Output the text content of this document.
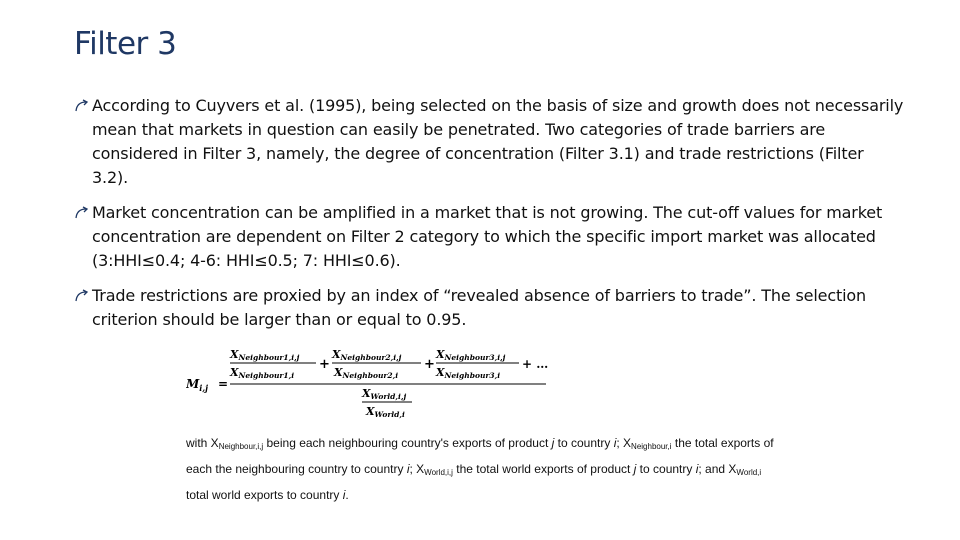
Filter 3
According to Cuyvers et al. (1995), being selected on the basis of size and growth does not necessarily mean that markets in question can easily be penetrated. Two categories of trade barriers are considered in Filter 3, namely, the degree of concentration (Filter 3.1) and trade restrictions (Filter 3.2).
Market concentration can be amplified in a market that is not growing. The cut-off values for market concentration are dependent on Filter 2 category to which the specific import market was allocated (3:HHI≤0.4; 4-6: HHI≤0.5; 7: HHI≤0.6).
Trade restrictions are proxied by an index of “revealed absence of barriers to trade”. The selection criterion should be larger than or equal to 0.95.
$M_{i,j}$ =
XNeighbour1,i,j
XNeighbour1,i
+
XNeighbour2,i,j
XNeighbour2,i
+
XNeighbour3,i,j
XNeighbour3,i
+ …
XWorld,i,j
XWorld,i
with $X_{Neighbour,i,j}$ being each neighbouring country's exports of product j to country i; $X_{Neighbour,i}$ the total exports of each the neighbouring country to country i; $X_{World,i,j}$ the total world exports of product j to country i; and $X_{World,i}$ total world exports to country i.
